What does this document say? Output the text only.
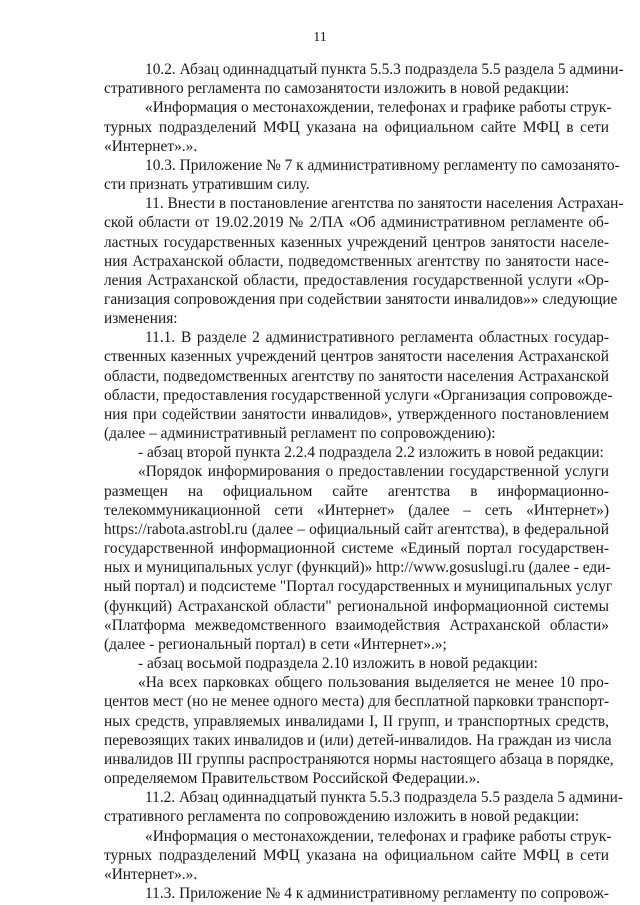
11
10.2. Абзац одиннадцатый пункта 5.5.3 подраздела 5.5 раздела 5 админи-
стративного регламента по самозанятости изложить в новой редакции:
«Информация о местонахождении, телефонах и графике работы струк-
турных подразделений МФЦ указана на официальном сайте МФЦ в сети
«Интернет».».
10.3. Приложение № 7 к административному регламенту по самозанято-
сти признать утратившим силу.
11. Внести в постановление агентства по занятости населения Астрахан-
ской области от 19.02.2019 № 2/ПА «Об административном регламенте об-
ластных государственных казенных учреждений центров занятости населе-
ния Астраханской области, подведомственных агентству по занятости насе-
ления Астраханской области, предоставления государственной услуги «Ор-
ганизация сопровождения при содействии занятости инвалидов»» следующие
изменения:
11.1. В разделе 2 административного регламента областных государ-
ственных казенных учреждений центров занятости населения Астраханской
области, подведомственных агентству по занятости населения Астраханской
области, предоставления государственной услуги «Организация сопровожде-
ния при содействии занятости инвалидов», утвержденного постановлением
(далее – административный регламент по сопровождению):
- абзац второй пункта 2.2.4 подраздела 2.2 изложить в новой редакции:
«Порядок информирования о предоставлении государственной услуги
размещен на официальном сайте агентства в информационно-
телекоммуникационной сети «Интернет» (далее – сеть «Интернет»)
https://rabota.astrobl.ru (далее – официальный сайт агентства), в федеральной
государственной информационной системе «Единый портал государствен-
ных и муниципальных услуг (функций)» http://www.gosuslugi.ru (далее - еди-
ный портал) и подсистеме "Портал государственных и муниципальных услуг
(функций) Астраханской области" региональной информационной системы
«Платформа межведомственного взаимодействия Астраханской области»
(далее - региональный портал) в сети «Интернет».»;
- абзац восьмой подраздела 2.10 изложить в новой редакции:
«На всех парковках общего пользования выделяется не менее 10 про-
центов мест (но не менее одного места) для бесплатной парковки транспорт-
ных средств, управляемых инвалидами I, II групп, и транспортных средств,
перевозящих таких инвалидов и (или) детей-инвалидов. На граждан из числа
инвалидов III группы распространяются нормы настоящего абзаца в порядке,
определяемом Правительством Российской Федерации.».
11.2. Абзац одиннадцатый пункта 5.5.3 подраздела 5.5 раздела 5 админи-
стративного регламента по сопровождению изложить в новой редакции:
«Информация о местонахождении, телефонах и графике работы струк-
турных подразделений МФЦ указана на официальном сайте МФЦ в сети
«Интернет».».
11.3. Приложение № 4 к административному регламенту по сопровож-
